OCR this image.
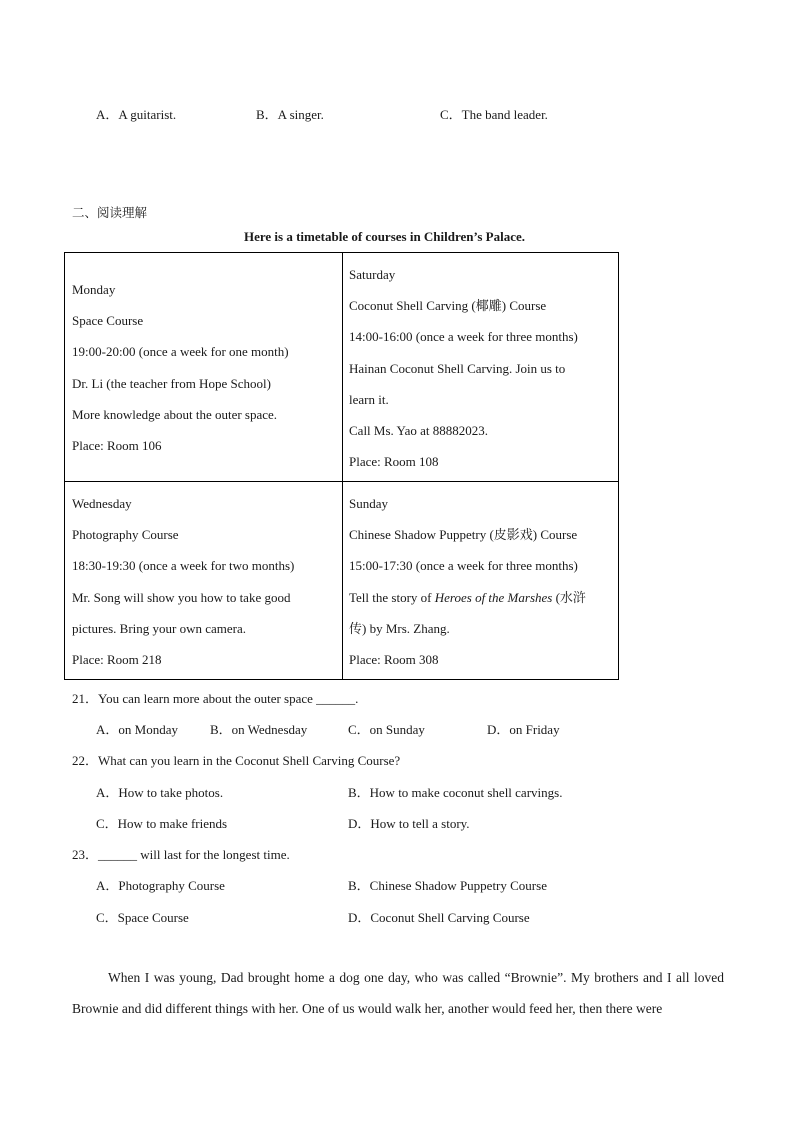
A．A guitarist.	B．A singer.	C．The band leader.
二、阅读理解
Here is a timetable of courses in Children’s Palace.
Monday
Space Course
19:00-20:00 (once a week for one month)
Dr. Li (the teacher from Hope School)
More knowledge about the outer space.
Place: Room 106
Saturday
Coconut Shell Carving (椰雕) Course
14:00-16:00 (once a week for three months)
Hainan Coconut Shell Carving. Join us to
learn it.
Call Ms. Yao at 88882023.
Place: Room 108
Wednesday
Photography Course
18:30-19:30 (once a week for two months)
Mr. Song will show you how to take good
pictures. Bring your own camera.
Place: Room 218
Sunday
Chinese Shadow Puppetry (皮影戏) Course
15:00-17:30 (once a week for three months)
Tell the story of Heroes of the Marshes (水浒
传) by Mrs. Zhang.
Place: Room 308
21．You can learn more about the outer space ______.
A．on Monday B．on Wednesday	C．on Sunday	D．on Friday
22．What can you learn in the Coconut Shell Carving Course?
A．How to take photos.	B．How to make coconut shell carvings.
C．How to make friends	D．How to tell a story.
23．______ will last for the longest time.
A．Photography Course	B．Chinese Shadow Puppetry Course
C．Space Course	D．Coconut Shell Carving Course
When I was young, Dad brought home a dog one day, who was called “Brownie”. My brothers and I all loved Brownie and did different things with her. One of us would walk her, another would feed her, then there were
